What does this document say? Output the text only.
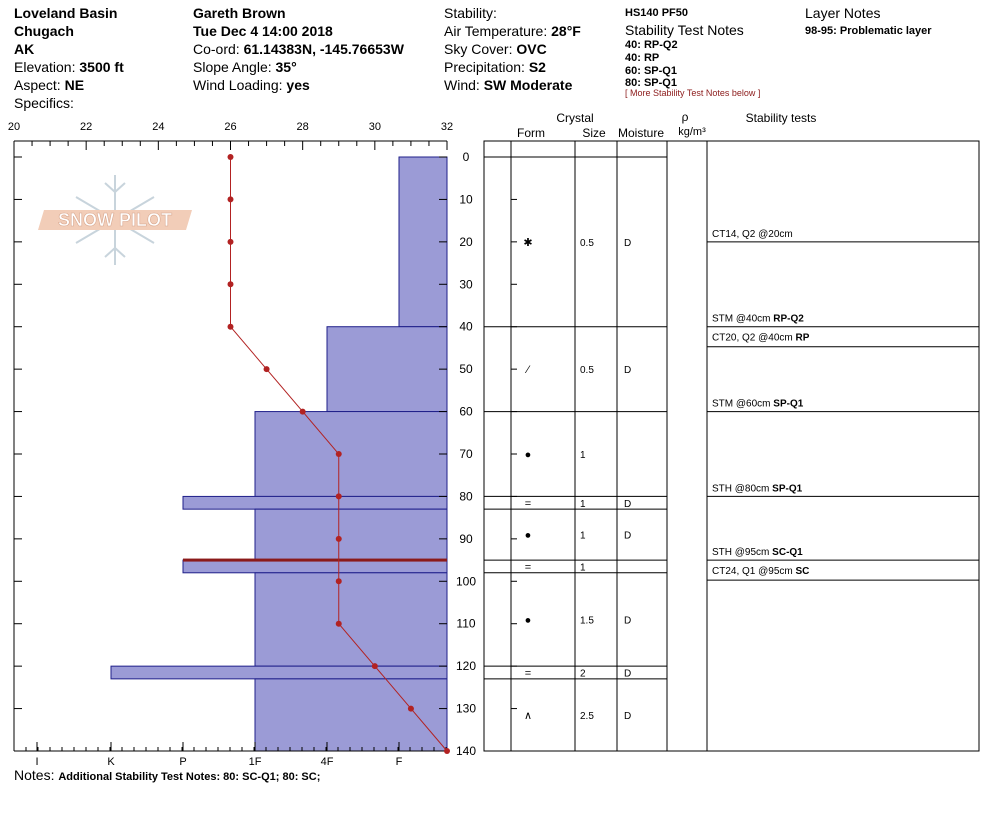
Loveland Basin
Chugach
AK
Elevation: 3500 ft
Aspect: NE
Specifics:
Gareth Brown
Tue Dec 4 14:00 2018
Co-ord: 61.14383N, -145.76653W
Slope Angle: 35°
Wind Loading: yes
Stability:
Air Temperature: 28°F
Sky Cover: OVC
Precipitation: S2
Wind: SW Moderate
HS140 PF50
Stability Test Notes
40: RP-Q2
40: RP
60: SP-Q1
80: SP-Q1
[ More Stability Test Notes below ]
Layer Notes
98-95: Problematic layer
Notes: Additional Stability Test Notes: 80: SC-Q1; 80: SC;
SNOW PILOT
Crystal
Form	Size Moisture
ρ
kg/m³
Stability tests
20	22	24	26	28	30	32
I	K	P	1F	4F	F
0
10
20
30
40
50
60
70
80
90
100
110
120
130
140
✱	0.5	D
⁄	0.5	D
●	1
=	1	D
●	1	D
=	1
●	1.5	D
=	2	D
∧	2.5	D
CT14, Q2 @20cm
STM @40cm RP-Q2
CT20, Q2 @40cm RP
STM @60cm SP-Q1
STH @80cm SP-Q1
STH @95cm SC-Q1
CT24, Q1 @95cm SC
